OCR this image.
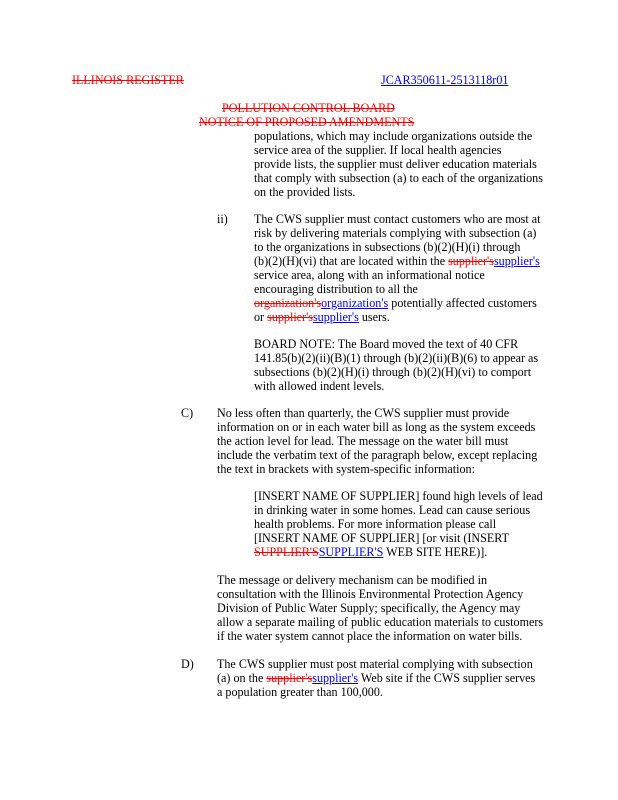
ILLINOIS REGISTER	JCAR350611-2513118r01
POLLUTION CONTROL BOARD
NOTICE OF PROPOSED AMENDMENTS
populations, which may include organizations outside the
service area of the supplier. If local health agencies
provide lists, the supplier must deliver education materials
that comply with subsection (a) to each of the organizations
on the provided lists.
ii) The CWS supplier must contact customers who are most at
risk by delivering materials complying with subsection (a)
to the organizations in subsections (b)(2)(H)(i) through
(b)(2)(H)(vi) that are located within the supplier'ssupplier's
service area, along with an informational notice
encouraging distribution to all the
organization'sorganization's potentially affected customers
or supplier'ssupplier's users.
BOARD NOTE: The Board moved the text of 40 CFR
141.85(b)(2)(ii)(B)(1) through (b)(2)(ii)(B)(6) to appear as
subsections (b)(2)(H)(i) through (b)(2)(H)(vi) to comport
with allowed indent levels.
C) No less often than quarterly, the CWS supplier must provide
information on or in each water bill as long as the system exceeds
the action level for lead. The message on the water bill must
include the verbatim text of the paragraph below, except replacing
the text in brackets with system-specific information:
[INSERT NAME OF SUPPLIER] found high levels of lead
in drinking water in some homes. Lead can cause serious
health problems. For more information please call
[INSERT NAME OF SUPPLIER] [or visit (INSERT
SUPPLIER'SSUPPLIER'S WEB SITE HERE)].
The message or delivery mechanism can be modified in
consultation with the Illinois Environmental Protection Agency
Division of Public Water Supply; specifically, the Agency may
allow a separate mailing of public education materials to customers
if the water system cannot place the information on water bills.
D) The CWS supplier must post material complying with subsection
(a) on the supplier'ssupplier's Web site if the CWS supplier serves
a population greater than 100,000.
